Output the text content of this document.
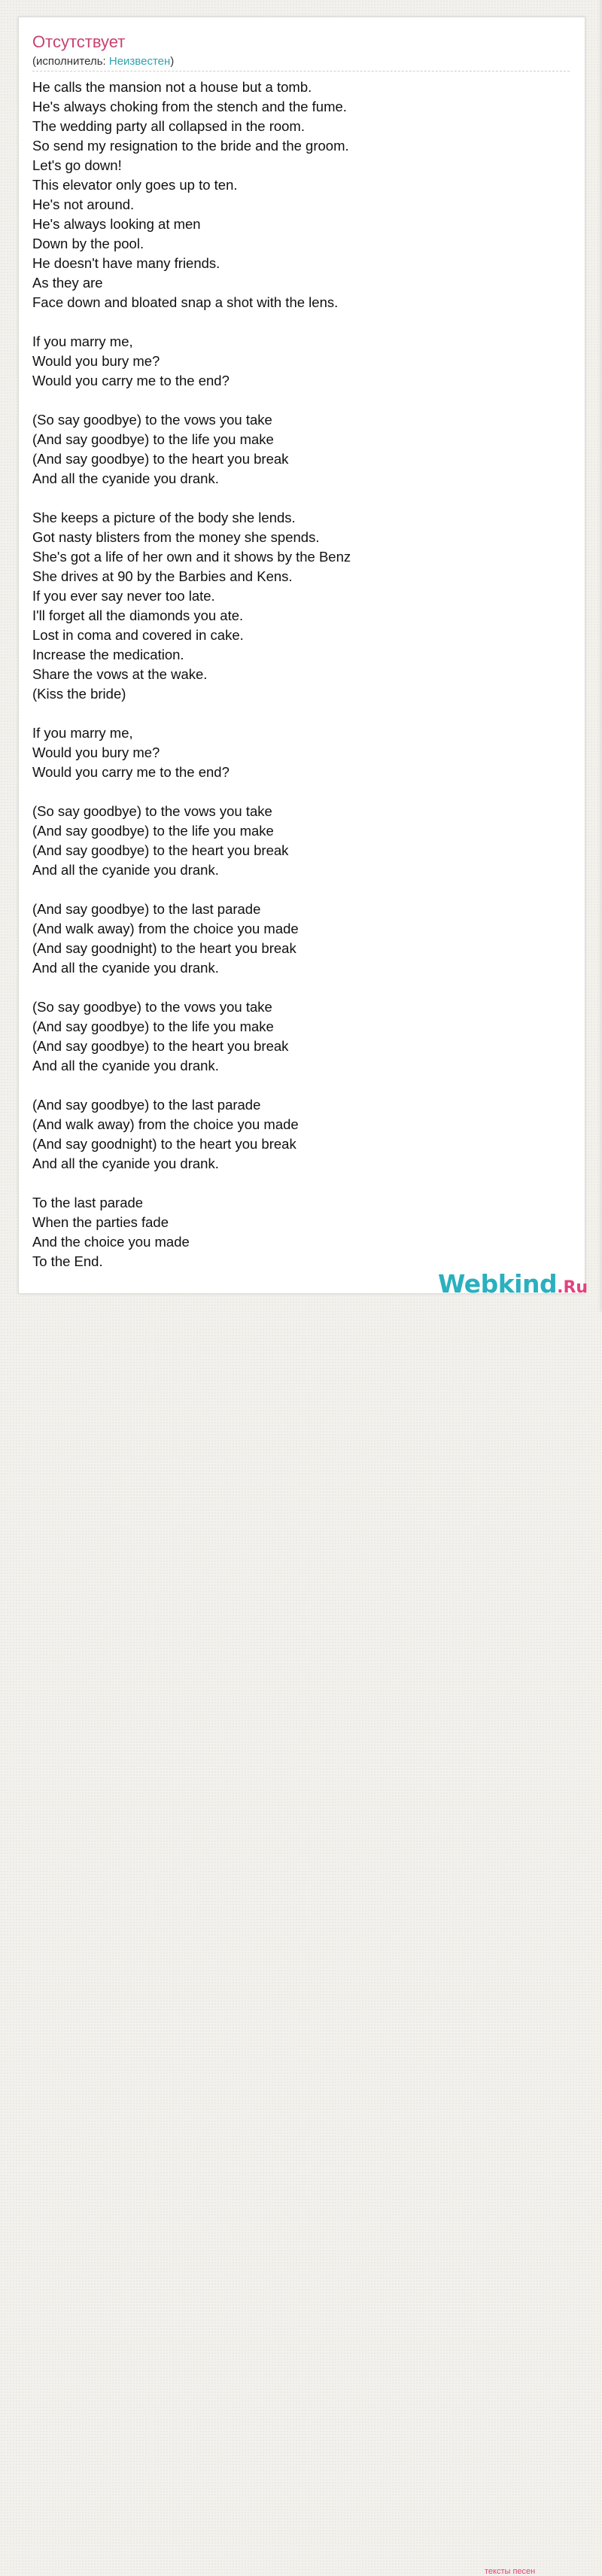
Отсутствует
(исполнитель: Неизвестен)
He calls the mansion not a house but a tomb.
He's always choking from the stench and the fume.
The wedding party all collapsed in the room.
So send my resignation to the bride and the groom.
Let's go down!
This elevator only goes up to ten.
He's not around.
He's always looking at men
Down by the pool.
He doesn't have many friends.
As they are
Face down and bloated snap a shot with the lens.
If you marry me,
Would you bury me?
Would you carry me to the end?
(So say goodbye) to the vows you take
(And say goodbye) to the life you make
(And say goodbye) to the heart you break
And all the cyanide you drank.
She keeps a picture of the body she lends.
Got nasty blisters from the money she spends.
She's got a life of her own and it shows by the Benz
She drives at 90 by the Barbies and Kens.
If you ever say never too late.
I'll forget all the diamonds you ate.
Lost in coma and covered in cake.
Increase the medication.
Share the vows at the wake.
(Kiss the bride)
If you marry me,
Would you bury me?
Would you carry me to the end?
(So say goodbye) to the vows you take
(And say goodbye) to the life you make
(And say goodbye) to the heart you break
And all the cyanide you drank.
(And say goodbye) to the last parade
(And walk away) from the choice you made
(And say goodnight) to the heart you break
And all the cyanide you drank.
(So say goodbye) to the vows you take
(And say goodbye) to the life you make
(And say goodbye) to the heart you break
And all the cyanide you drank.
(And say goodbye) to the last parade
(And walk away) from the choice you made
(And say goodnight) to the heart you break
And all the cyanide you drank.
To the last parade
When the parties fade
And the choice you made
To the End.
Webkind.Ru
тексты песен
